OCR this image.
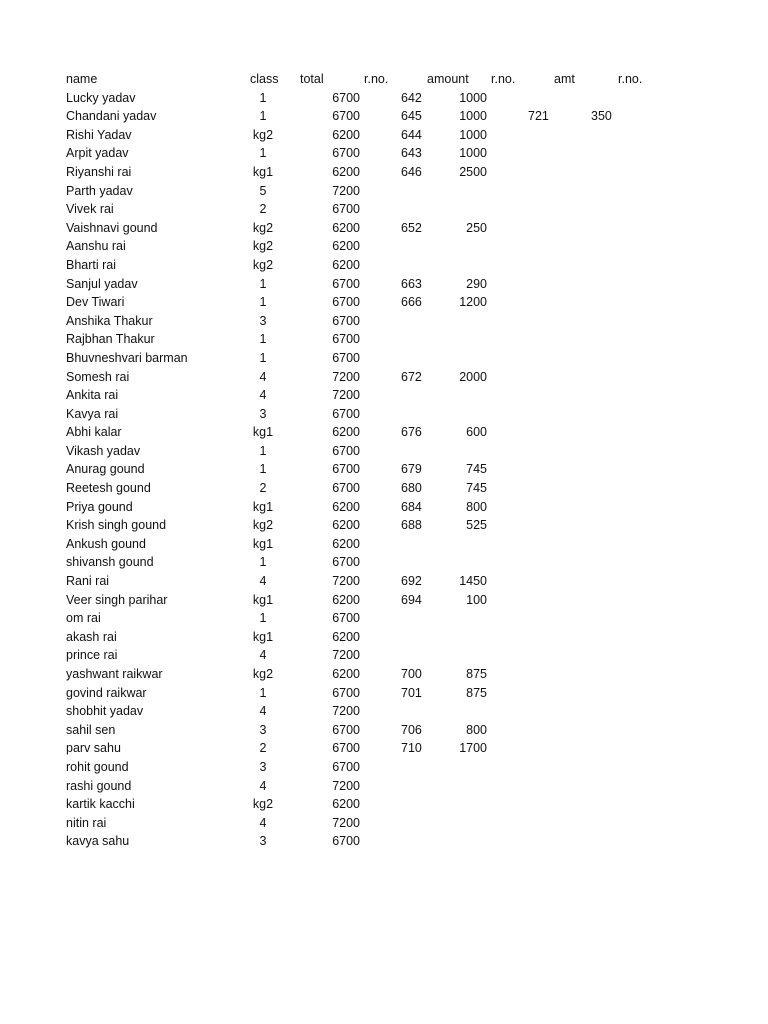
name	class total	r.no.	amount r.no.	amt	r.no.
Lucky yadav	1	6700	642	1000
Chandani yadav	1	6700	645	1000	721	350
Rishi Yadav	kg2	6200	644	1000
Arpit yadav	1	6700	643	1000
Riyanshi rai	kg1	6200	646	2500
Parth yadav	5	7200
Vivek rai	2	6700
Vaishnavi gound	kg2	6200	652	250
Aanshu rai	kg2	6200
Bharti rai	kg2	6200
Sanjul yadav	1	6700	663	290
Dev Tiwari	1	6700	666	1200
Anshika Thakur	3	6700
Rajbhan Thakur	1	6700
Bhuvneshvari barman	1	6700
Somesh rai	4	7200	672	2000
Ankita rai	4	7200
Kavya rai	3	6700
Abhi kalar	kg1	6200	676	600
Vikash yadav	1	6700
Anurag gound	1	6700	679	745
Reetesh gound	2	6700	680	745
Priya gound	kg1	6200	684	800
Krish singh gound	kg2	6200	688	525
Ankush gound	kg1	6200
shivansh gound	1	6700
Rani rai	4	7200	692	1450
Veer singh parihar	kg1	6200	694	100
om rai	1	6700
akash rai	kg1	6200
prince rai	4	7200
yashwant raikwar	kg2	6200	700	875
govind raikwar	1	6700	701	875
shobhit yadav	4	7200
sahil sen	3	6700	706	800
parv sahu	2	6700	710	1700
rohit gound	3	6700
rashi gound	4	7200
kartik kacchi	kg2	6200
nitin rai	4	7200
kavya sahu	3	6700
